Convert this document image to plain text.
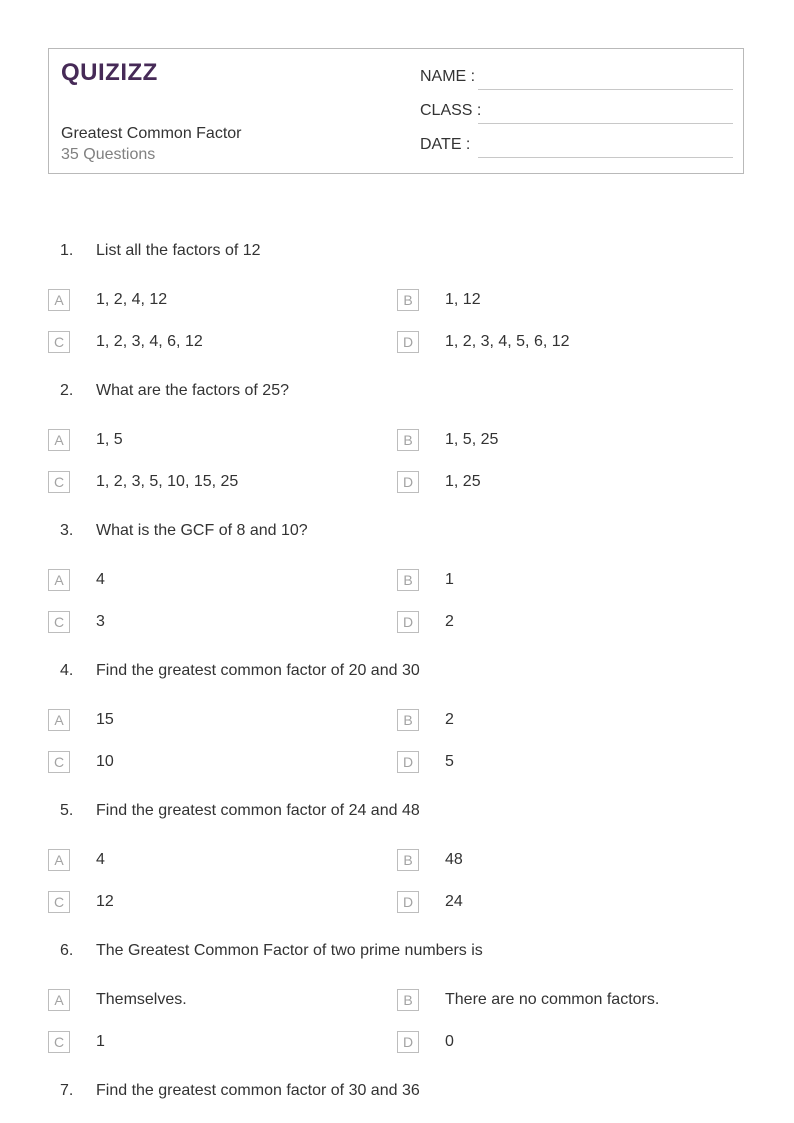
QUIZIZZ
Greatest Common Factor
35 Questions
NAME :
CLASS :
DATE :
1. List all the factors of 12
A	1, 2, 4, 12	B	1, 12
C	1, 2, 3, 4, 6, 12	D	1, 2, 3, 4, 5, 6, 12
2. What are the factors of 25?
A	1, 5	B	1, 5, 25
C	1, 2, 3, 5, 10, 15, 25	D	1, 25
3. What is the GCF of 8 and 10?
A	4	B	1
C	3	D	2
4. Find the greatest common factor of 20 and 30
A	15	B	2
C	10	D	5
5. Find the greatest common factor of 24 and 48
A	4	B	48
C	12	D	24
6. The Greatest Common Factor of two prime numbers is
A	Themselves.	B	There are no common factors.
C	1	D	0
7. Find the greatest common factor of 30 and 36
